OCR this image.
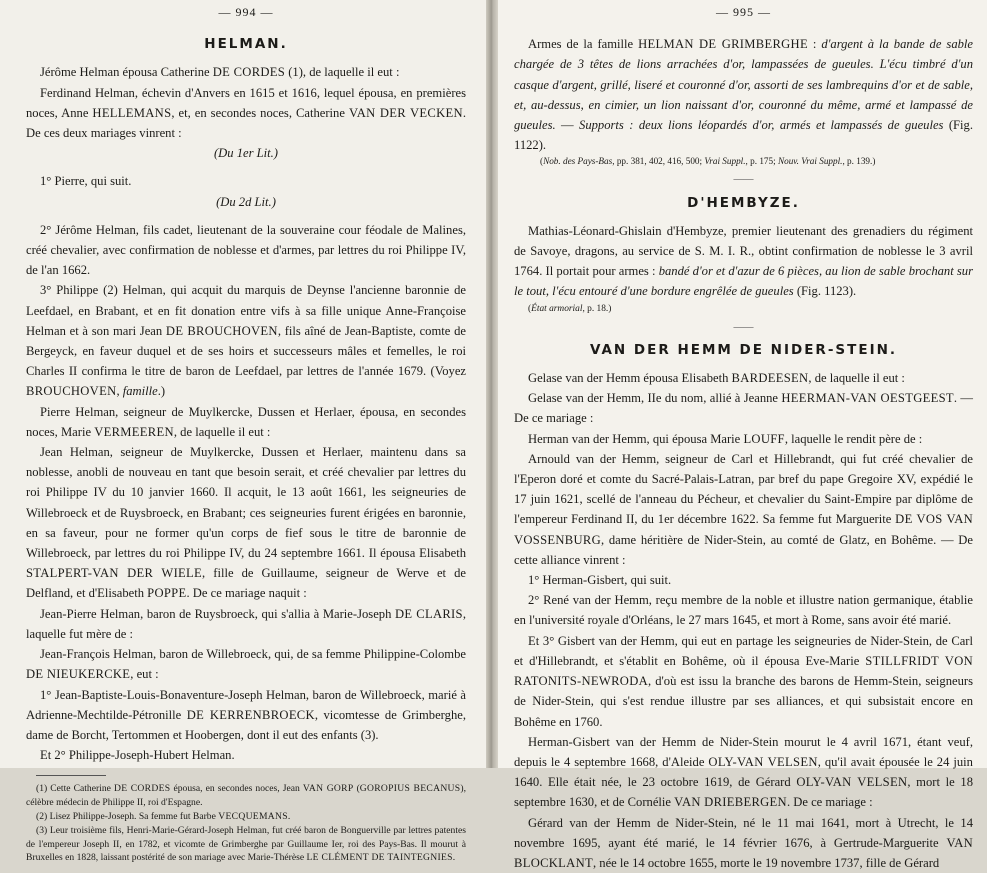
— 994 —
HELMAN.

Jérôme Helman épousa Catherine DE CORDES (1), de laquelle il eut :

Ferdinand Helman, échevin d'Anvers en 1615 et 1616, lequel épousa, en premières noces, Anne HELLEMANS, et, en secondes noces, Catherine VAN DER VECKEN. De ces deux mariages vinrent :

(Du 1er Lit.)

1° Pierre, qui suit.

(Du 2d Lit.)

2° Jérôme Helman, fils cadet, lieutenant de la souveraine cour féodale de Malines, créé chevalier, avec confirmation de noblesse et d'armes, par lettres du roi Philippe IV, de l'an 1662.

3° Philippe (2) Helman, qui acquit du marquis de Deynse l'ancienne baronnie de Leefdael, en Brabant, et en fit donation entre vifs à sa fille unique Anne-Françoise Helman et à son mari Jean DE BROUCHOVEN, fils aîné de Jean-Baptiste, comte de Bergeyck, en faveur duquel et de ses hoirs et successeurs mâles et femelles, le roi Charles II confirma le titre de baron de Leefdael, par lettres de l'année 1679. (Voyez BROUCHOVEN, famille.)

Pierre Helman, seigneur de Muylkercke, Dussen et Herlaer, épousa, en secondes noces, Marie VERMEEREN, de laquelle il eut :

Jean Helman, seigneur de Muylkercke, Dussen et Herlaer, maintenu dans sa noblesse, anobli de nouveau en tant que besoin serait, et créé chevalier par lettres du roi Philippe IV du 10 janvier 1660. Il acquit, le 13 août 1661, les seigneuries de Willebroeck et de Ruysbroeck, en Brabant; ces seigneuries furent érigées en baronnie, en sa faveur, pour ne former qu'un corps de fief sous le titre de baronnie de Willebroeck, par lettres du roi Philippe IV, du 24 septembre 1661. Il épousa Elisabeth STALPERT-VAN DER WIELE, fille de Guillaume, seigneur de Werve et de Delfland, et d'Elisabeth POPPE. De ce mariage naquit :

Jean-Pierre Helman, baron de Ruysbroeck, qui s'allia à Marie-Joseph DE CLARIS, laquelle fut mère de :

Jean-François Helman, baron de Willebroeck, qui, de sa femme Philippine-Colombe DE NIEUKERCKE, eut :

1° Jean-Baptiste-Louis-Bonaventure-Joseph Helman, baron de Willebroeck, marié à Adrienne-Mechtilde-Pétronille DE KERRENBROECK, vicomtesse de Grimberghe, dame de Borcht, Tertommen et Hoobergen, dont il eut des enfants (3).

Et 2° Philippe-Joseph-Hubert Helman.

(1) Cette Catherine DE CORDES épousa, en secondes noces, Jean VAN GORP (GOROPIUS BECANUS), célèbre médecin de Philippe II, roi d'Espagne.

(2) Lisez Philippe-Joseph. Sa femme fut Barbe VECQUEMANS.

(3) Leur troisième fils, Henri-Marie-Gérard-Joseph Helman, fut créé baron de Bonguerville par lettres patentes de l'empereur Joseph II, en 1782, et vicomte de Grimberghe par Guillaume Ier, roi des Pays-Bas. Il mourut à Bruxelles en 1828, laissant postérité de son mariage avec Marie-Thérèse LE CLÉMENT DE TAINTEGNIES.

— 995 —

Armes de la famille HELMAN DE GRIMBERGHE : d'argent à la bande de sable chargée de 3 têtes de lions arrachées d'or, lampassées de gueules. L'écu timbré d'un casque d'argent, grillé, liseré et couronné d'or, assorti de ses lambrequins d'or et de sable, et, au-dessus, en cimier, un lion naissant d'or, couronné du même, armé et lampassé de gueules. — Supports : deux lions léopardés d'or, armés et lampassés de gueules (Fig. 1122).

(Nob. des Pays-Bas, pp. 381, 402, 416, 500; Vrai Suppl., p. 175; Nouv. Vrai Suppl., p. 139.)

——
D'HEMBYZE.

Mathias-Léonard-Ghislain d'Hembyze, premier lieutenant des grenadiers du régiment de Savoye, dragons, au service de S. M. I. R., obtint confirmation de noblesse le 3 avril 1764. Il portait pour armes : bandé d'or et d'azur de 6 pièces, au lion de sable brochant sur le tout, l'écu entouré d'une bordure engrêlée de gueules (Fig. 1123).

(État armorial, p. 18.)

——
VAN DER HEMM DE NIDER-STEIN.

Gelase van der Hemm épousa Elisabeth BARDEESEN, de laquelle il eut :

Gelase van der Hemm, IIe du nom, allié à Jeanne HEERMAN-VAN OESTGEEST. — De ce mariage :

Herman van der Hemm, qui épousa Marie LOUFF, laquelle le rendit père de :

Arnould van der Hemm, seigneur de Carl et Hillebrandt, qui fut créé chevalier de l'Eperon doré et comte du Sacré-Palais-Latran, par bref du pape Gregoire XV, expédié le 17 juin 1621, scellé de l'anneau du Pécheur, et chevalier du Saint-Empire par diplôme de l'empereur Ferdinand II, du 1er décembre 1622. Sa femme fut Marguerite DE VOS VAN VOSSENBURG, dame héritière de Nider-Stein, au comté de Glatz, en Bohême. — De cette alliance vinrent :

1° Herman-Gisbert, qui suit.

2° René van der Hemm, reçu membre de la noble et illustre nation germanique, établie en l'université royale d'Orléans, le 27 mars 1645, et mort à Rome, sans avoir été marié.

Et 3° Gisbert van der Hemm, qui eut en partage les seigneuries de Nider-Stein, de Carl et d'Hillebrandt, et s'établit en Bohême, où il épousa Eve-Marie STILLFRIDT VON RATONITS-NEWRODA, d'où est issu la branche des barons de Hemm-Stein, seigneurs de Nider-Stein, qui s'est rendue illustre par ses alliances, et qui subsistait encore en Bohême en 1760.

Herman-Gisbert van der Hemm de Nider-Stein mourut le 4 avril 1671, étant veuf, depuis le 4 septembre 1668, d'Aleide OLY-VAN VELSEN, qu'il avait épousée le 24 juin 1640. Elle était née, le 23 octobre 1619, de Gérard OLY-VAN VELSEN, mort le 18 septembre 1630, et de Cornélie VAN DRIEBERGEN. De ce mariage :

Gérard van der Hemm de Nider-Stein, né le 11 mai 1641, mort à Utrecht, le 14 novembre 1695, ayant été marié, le 14 février 1676, à Gertrude-Marguerite VAN BLOCKLANT, née le 14 octobre 1655, morte le 19 novembre 1737, fille de Gérard
